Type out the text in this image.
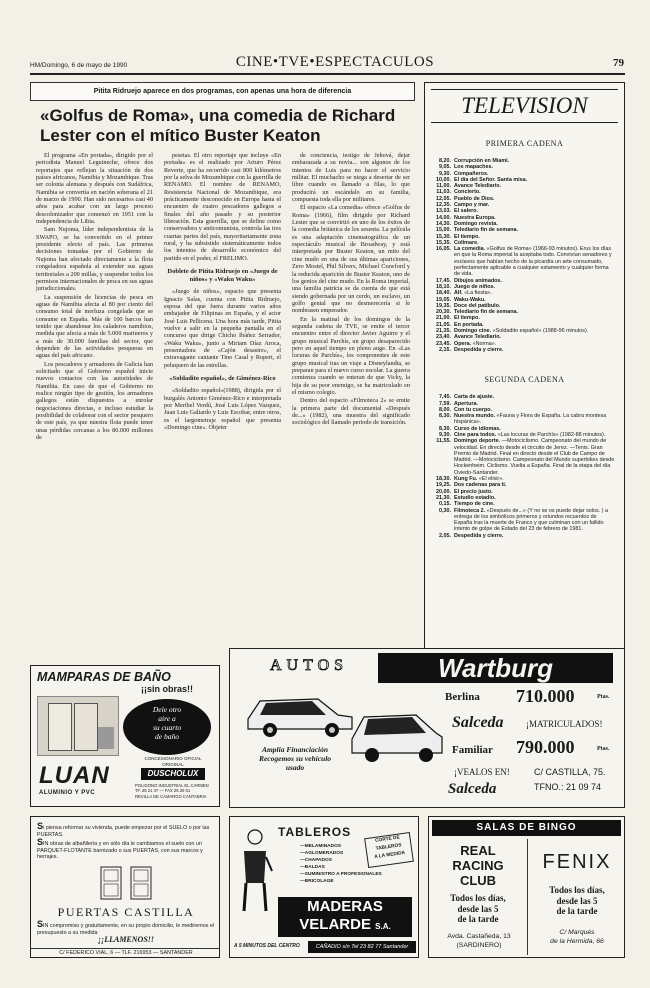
HM/Domingo, 6 de mayo de 1990	CINE•TVE•ESPECTACULOS	79
Pitita Ridruejo aparece en dos programas, con apenas una hora de diferencia
«Golfus de Roma», una comedia de Richard Lester con el mítico Buster Keaton

El programa «En portada», dirigido por el periodista Manuel Leguineche, ofrece dos reportajes que reflejan la situación de dos países africanos, Namibia y Mozambique. Tras ser colonia alemana y después con Sudáfrica, Namibia se convertía en nación soberana el 21 de marzo de 1990. Han sido necesarios casi 40 años para acabar con un largo proceso descolonizador que comenzó en 1951 con la independencia de Libia.

Sam Nujoma, líder independentista de la SWAPO, se ha convertido en el primer presidente electo el país. Las primeras decisiones tomadas por el Gobierno de Nujoma han afectado directamente a la flota congeladora española al extender sus aguas territoriales a 200 millas, y suspender todos los permisos internacionales de pesca en sus aguas jurisdiccionales.

La suspensión de licencias de pesca en aguas de Namibia afecta al 80 por ciento del consumo total de merluza congelada que se consume en España. Más de 100 barcos han tenido que abandonar los caladeros namibios, medida que afecta a más de 5.000 marineros y a más de 30.000 familias del sector, que dependen de las actividades pesqueras en aguas del país africano.

Los pescadores y armadores de Galicia han solicitado que el Gobierno español inicie nuevos contactos con las autoridades de Namibia. En caso de que el Gobierno no realice ningún tipo de gestión, los armadores gallegos están dispuestos a enrolar negociaciones directas, e incluso estudiar la posibilidad de colaborar con el sector pesquero de este país, ya que nuestra flota puede tener unas pérdidas cercanas a los 80.000 millones de

pesetas. El otro reportaje que incluye «En portada» es el realizado por Arturo Pérez Reverte, que ha recorrido casi 800 kilómetros por la selva de Mozambique con la guerrilla de RENAMO. El nombre de RENAMO, Resistencia Nacional de Mozambique, era prácticamente desconocido en Europa hasta el encuentro de cuatro pescadores gallegos a finales del año pasado y su posterior liberación. Esta guerrilla, que se define como conservadora y anticomunista, controla las tres cuartas partes del país, mayoritariamente zona rural, y ha subsistido sistemáticamente todos los intentos de desarrollo económico del partido en el poder, el FRELIMO.

Doblete de Pitita Ridruejo en «Juego de niños» y «Waku Waku»

«Juego de niños», espacio que presenta Ignacio Salas, cuenta con Pitita Ridruejo, esposa del que fuera durante varios años embajador de Filipinas en España, y el actor José Luis Pellicena. Una hora más tarde, Pitita vuelve a salir en la pequeña pantalla en el concurso que dirige Chicho Ibáñez Serrador, «Waku Waku», junto a Miriam Díaz Aroca, presentadora de «Cajón desastre», el extravagante cantante Tino Casal y Rupert, el peluquero de las estrellas.

«Soldadito español», de Giménez-Rico

«Soldadito español»(1988), dirigida por el burgalés Antonio Giménez-Rico e interpretada por Meribel Verdú, José Luis López Vazquez, Juan Luis Galiardo y Luis Escobar, entre otros, es el largometraje español que presenta «Domingo cine». Objeter

de conciencia, testigo de Jehová, dejar embarazada a su novia... son algunos de los intentos de Luis para no hacer el servicio militar. El muchacho se niega a desertar de ser libre cuando es llamado a filas, lo que producirá un escándalo en su familia, compuesta toda ella por militares.

El espacio «La comedia» ofrece «Golfus de Roma» (1966), film dirigido por Richard Lester que se convirtió en uno de los éxitos de la comedia británica de los sesenta. La película es una adaptación cinematográfica de un espectáculo musical de Broadway, y está interpretada por Buster Keaton, un mito del cine mudo en una de sus últimas apariciones, Zero Mostel, Phil Silvers, Michael Crawford y la reducida aparición de Buster Keaton, uno de los genios del cine mudo. En la Roma imperial, una familia patricia se da cuenta de que está siendo gobernada por un cerdo, un esclavo, un golfo genial que no desmerecería si le nombrasen emperador.

En la matinal de los domingos de la segunda cadena de TVE, se emite el tercer encuentro entre el director Javier Aguirre y el grupo musical Parchís, un grupo desaparecido pero en aquel tiempo en pleno auge. En «Las locuras de Parchís», los componentes de este grupo musical tras un viaje a Disneylandia, se preparan para el nuevo curso escolar. La guerra comienza cuando se enteran de que Vicky, la hija de su peor enemigo, se ha matriculado en el mismo colegio.

Dentro del espacio «Filmoteca 2» se emite la primera parte del documental «Después de...» (1982), una muestra del significado sociológico del llamado periodo de transición.

TELEVISION
PRIMERA CADENA
8,20. Corrupción en Miami.
9,05. Los mapaches.
9,30. Compañeros.
10,00. El día del Señor. Santa misa.
11,00. Avance Telediario.
11,03. Concierto.
12,05. Pueblo de Dios.
12,35. Campo y mar.
13,03. El salero.
14,00. Nuestra Europa.
14,30. Domingo revista.
15,00. Telediario fin de semana.
15,30. El tiempo.
15,35. Colimare.
16,05. La comedia. «Golfus de Roma» (1966-93 minutos). Erus los días en que la Roma imperial la aceptaba todo. Convivían senadores y esclavos que habían hecho de la picardía un arte consumado, perfectamente aplicable a cualquier estamento y cualquier forma de vida.
17,45. Dibujos animados.
18,10. Juego de niños.
18,40. Alf. «La fiesta».
19,05. Waku-Waku.
19,35. Doce del patíbulo.
20,30. Telediario fin de semana.
21,00. El tiempo.
21,05. En portada.
21,35. Domingo cine. «Soldadito español» (1988-96 minutos).
23,40. Avance Telediario.
23,45. Opera. «Norma».
2,15. Despedida y cierre.
SEGUNDA CADENA
7,45. Carta de ajuste.
7,59. Apertura.
8,00. Con tu cuerpo.
8,30. Nuestra mundo. «Fauna y Flora de España. La cabra montesa hispánica».
8,30. Curso de idiomas.
9,30. Cine para todos. «Las locuras de Parchís» (1982-88 minutos).
11,55. Domingo deporte. —Motociclismo. Campeonato del mundo de velocidad. En directo desde el circuito de Jerez. —Tenis. Gran Premio de Madrid. Final en directo desde el Club de Campo de Madrid. —Motociclismo. Campeonato del Mundo superbikes desde Hockenheim. Ciclismo. Vuelta a España. Final de la etapa del día Oviedo-Santander.
18,30. Kung Fu. «El elixir».
19,25. Dos cadenas para ti.
20,00. El precio justo.
21,30. Estudio estadio.
0,15. Tiempo de cine.
0,30. Filmoteca 2. «Después de...» (Y no se os puede dejar solos. ) a entrega de los simbólicos primeros y oriundos recuerdos de España tras la muerte de Franco y que culminan con un fallido intento de golpe de Estado del 23 de febrero de 1981.
2,05. Despedida y cierre.
MAMPARAS DE BAÑO
¡¡sin obras!!
Dele otro
aire a
su cuarto
de baño
LUAN
ALUMINIO Y PVC
CONCESIONARIO OFICIAL
ORIGINAL
DUSCHOLUX
POLIGONO INDUSTRIAL EL CARMEN
TF. 25 21 47 — FAX 25 20 61
REVILLA DE CAMARGO CANTABRIA
AUTOS	Wartburg
Amplia Financiación
Recogemos su vehículo
usado
Berlina 710.000	Ptas.
Salceda ¡MATRICULADOS!
Familiar 790.000	Ptas.
¡VEALOS EN!
Salceda
C/ CASTILLA, 75.
TFNO.: 21 09 74
Si piensa reformar su vivienda, puede empezar por el SUELO o por las PUERTAS.
SIN obras de albañilería y en sólo día le cambiamos el suelo con un PARQUET-FLOTANTE barnizado o sus PUERTAS, con sus marcos y herrajes.
PUERTAS CASTILLA
SIN compromiso y gratuitamente, en su propio domicilio, le mediremos el presupuesto a su medida
¡¡LLAMENOS!!
C/ FEDERICO VIAL, 6 — TLF. 216953 — SANTANDER
TABLEROS
—MELAMINADOS
—AGLOMERADOS
—CHAPADOS
—BALDAS
—SUMINISTRO A PROFESIONALES
—BRICOLAGE
CORTE DE
TABLEROS
A LA MEDIDA
MADERAS
VELARDE S.A.
A 5 MINUTOS DEL CENTRO	CAÑADIO s/n Tel 23 82 77 Santander
SALAS DE BINGO
REAL
RACING
CLUB
Todos los días,
desde las 5
de la tarde
Avda. Castañeda, 13
(SARDINERO)
FENIX
Todos los días,
desde las 5
de la tarde
C/ Marqués
de la Hermida, 66
